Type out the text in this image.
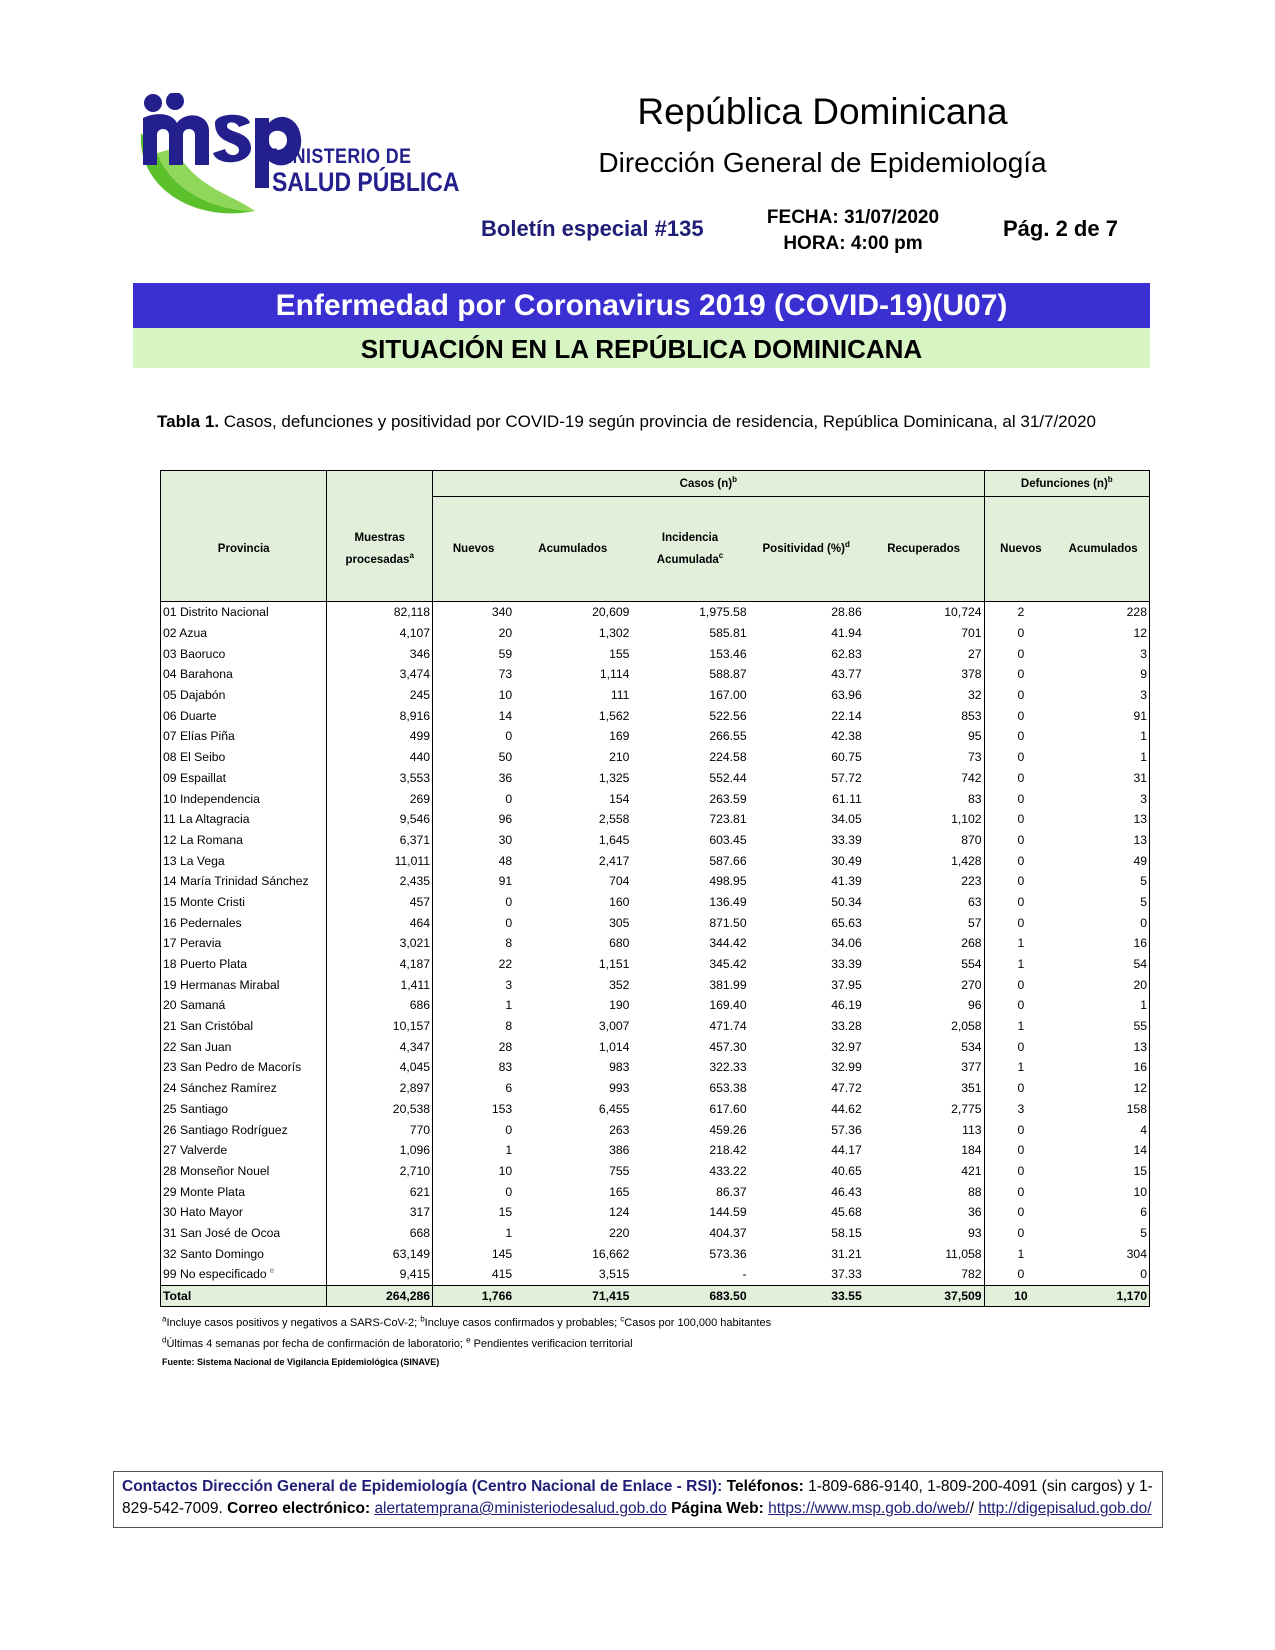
MINISTERIO DE
SALUD PÚBLICA
República Dominicana
Dirección General de Epidemiología
Boletín especial #135	FECHA: 31/07/2020
HORA: 4:00 pm
Pág. 2 de 7
Enfermedad por Coronavirus 2019 (COVID-19)(U07)
SITUACIÓN EN LA REPÚBLICA DOMINICANA
Tabla 1. Casos, defunciones y positividad por COVID-19 según provincia de residencia, República Dominicana, al 31/7/2020
		Casos $(n)^b$					Defunciones $(n)^b$
Provincia	Muestras procesadas$^a$	Nuevos	Acumulados	Incidencia Acumulada$^c$	Positividad (%)$^d$	Recuperados	Nuevos	Acumulados
01 Distrito Nacional	82,118	340	20,609	1,975.58	28.86	10,724	2	228
02 Azua	4,107	20	1,302	585.81	41.94	701	0	12
03 Baoruco	346	59	155	153.46	62.83	27	0	3
04 Barahona	3,474	73	1,114	588.87	43.77	378	0	9
05 Dajabón	245	10	111	167.00	63.96	32	0	3
06 Duarte	8,916	14	1,562	522.56	22.14	853	0	91
07 Elías Piña	499	0	169	266.55	42.38	95	0	1
08 El Seibo	440	50	210	224.58	60.75	73	0	1
09 Espaillat	3,553	36	1,325	552.44	57.72	742	0	31
10 Independencia	269	0	154	263.59	61.11	83	0	3
11 La Altagracia	9,546	96	2,558	723.81	34.05	1,102	0	13
12 La Romana	6,371	30	1,645	603.45	33.39	870	0	13
13 La Vega	11,011	48	2,417	587.66	30.49	1,428	0	49
14 María Trinidad Sánchez	2,435	91	704	498.95	41.39	223	0	5
15 Monte Cristi	457	0	160	136.49	50.34	63	0	5
16 Pedernales	464	0	305	871.50	65.63	57	0	0
17 Peravia	3,021	8	680	344.42	34.06	268	1	16
18 Puerto Plata	4,187	22	1,151	345.42	33.39	554	1	54
19 Hermanas Mirabal	1,411	3	352	381.99	37.95	270	0	20
20 Samaná	686	1	190	169.40	46.19	96	0	1
21 San Cristóbal	10,157	8	3,007	471.74	33.28	2,058	1	55
22 San Juan	4,347	28	1,014	457.30	32.97	534	0	13
23 San Pedro de Macorís	4,045	83	983	322.33	32.99	377	1	16
24 Sánchez Ramírez	2,897	6	993	653.38	47.72	351	0	12
25 Santiago	20,538	153	6,455	617.60	44.62	2,775	3	158
26 Santiago Rodríguez	770	0	263	459.26	57.36	113	0	4
27 Valverde	1,096	1	386	218.42	44.17	184	0	14
28 Monseñor Nouel	2,710	10	755	433.22	40.65	421	0	15
29 Monte Plata	621	0	165	86.37	46.43	88	0	10
30 Hato Mayor	317	15	124	144.59	45.68	36	0	6
31 San José de Ocoa	668	1	220	404.37	58.15	93	0	5
32 Santo Domingo	63,149	145	16,662	573.36	31.21	11,058	1	304
99 No especificado $^e$	9,415	415	3,515	-	37.33	782	0	0
Total	264,286	1,766	71,415	683.50	33.55	37,509	10	1,170
$^a$Incluye casos positivos y negativos a SARS-CoV-2; $^b$Incluye casos confirmados y probables; $^c$Casos por 100,000 habitantes
$^d$Últimas 4 semanas por fecha de confirmación de laboratorio; $^e$ Pendientes verificacion territorial
Fuente: Sistema Nacional de Vigilancia Epidemiológica (SINAVE)
Contactos Dirección General de Epidemiología (Centro Nacional de Enlace - RSI): Teléfonos: 1-809-686-9140, 1-809-200-4091 (sin cargos) y 1-829-542-7009. Correo electrónico: alertatemprana@ministeriodesalud.gob.do Página Web: https://www.msp.gob.do/web// http://digepisalud.gob.do/
